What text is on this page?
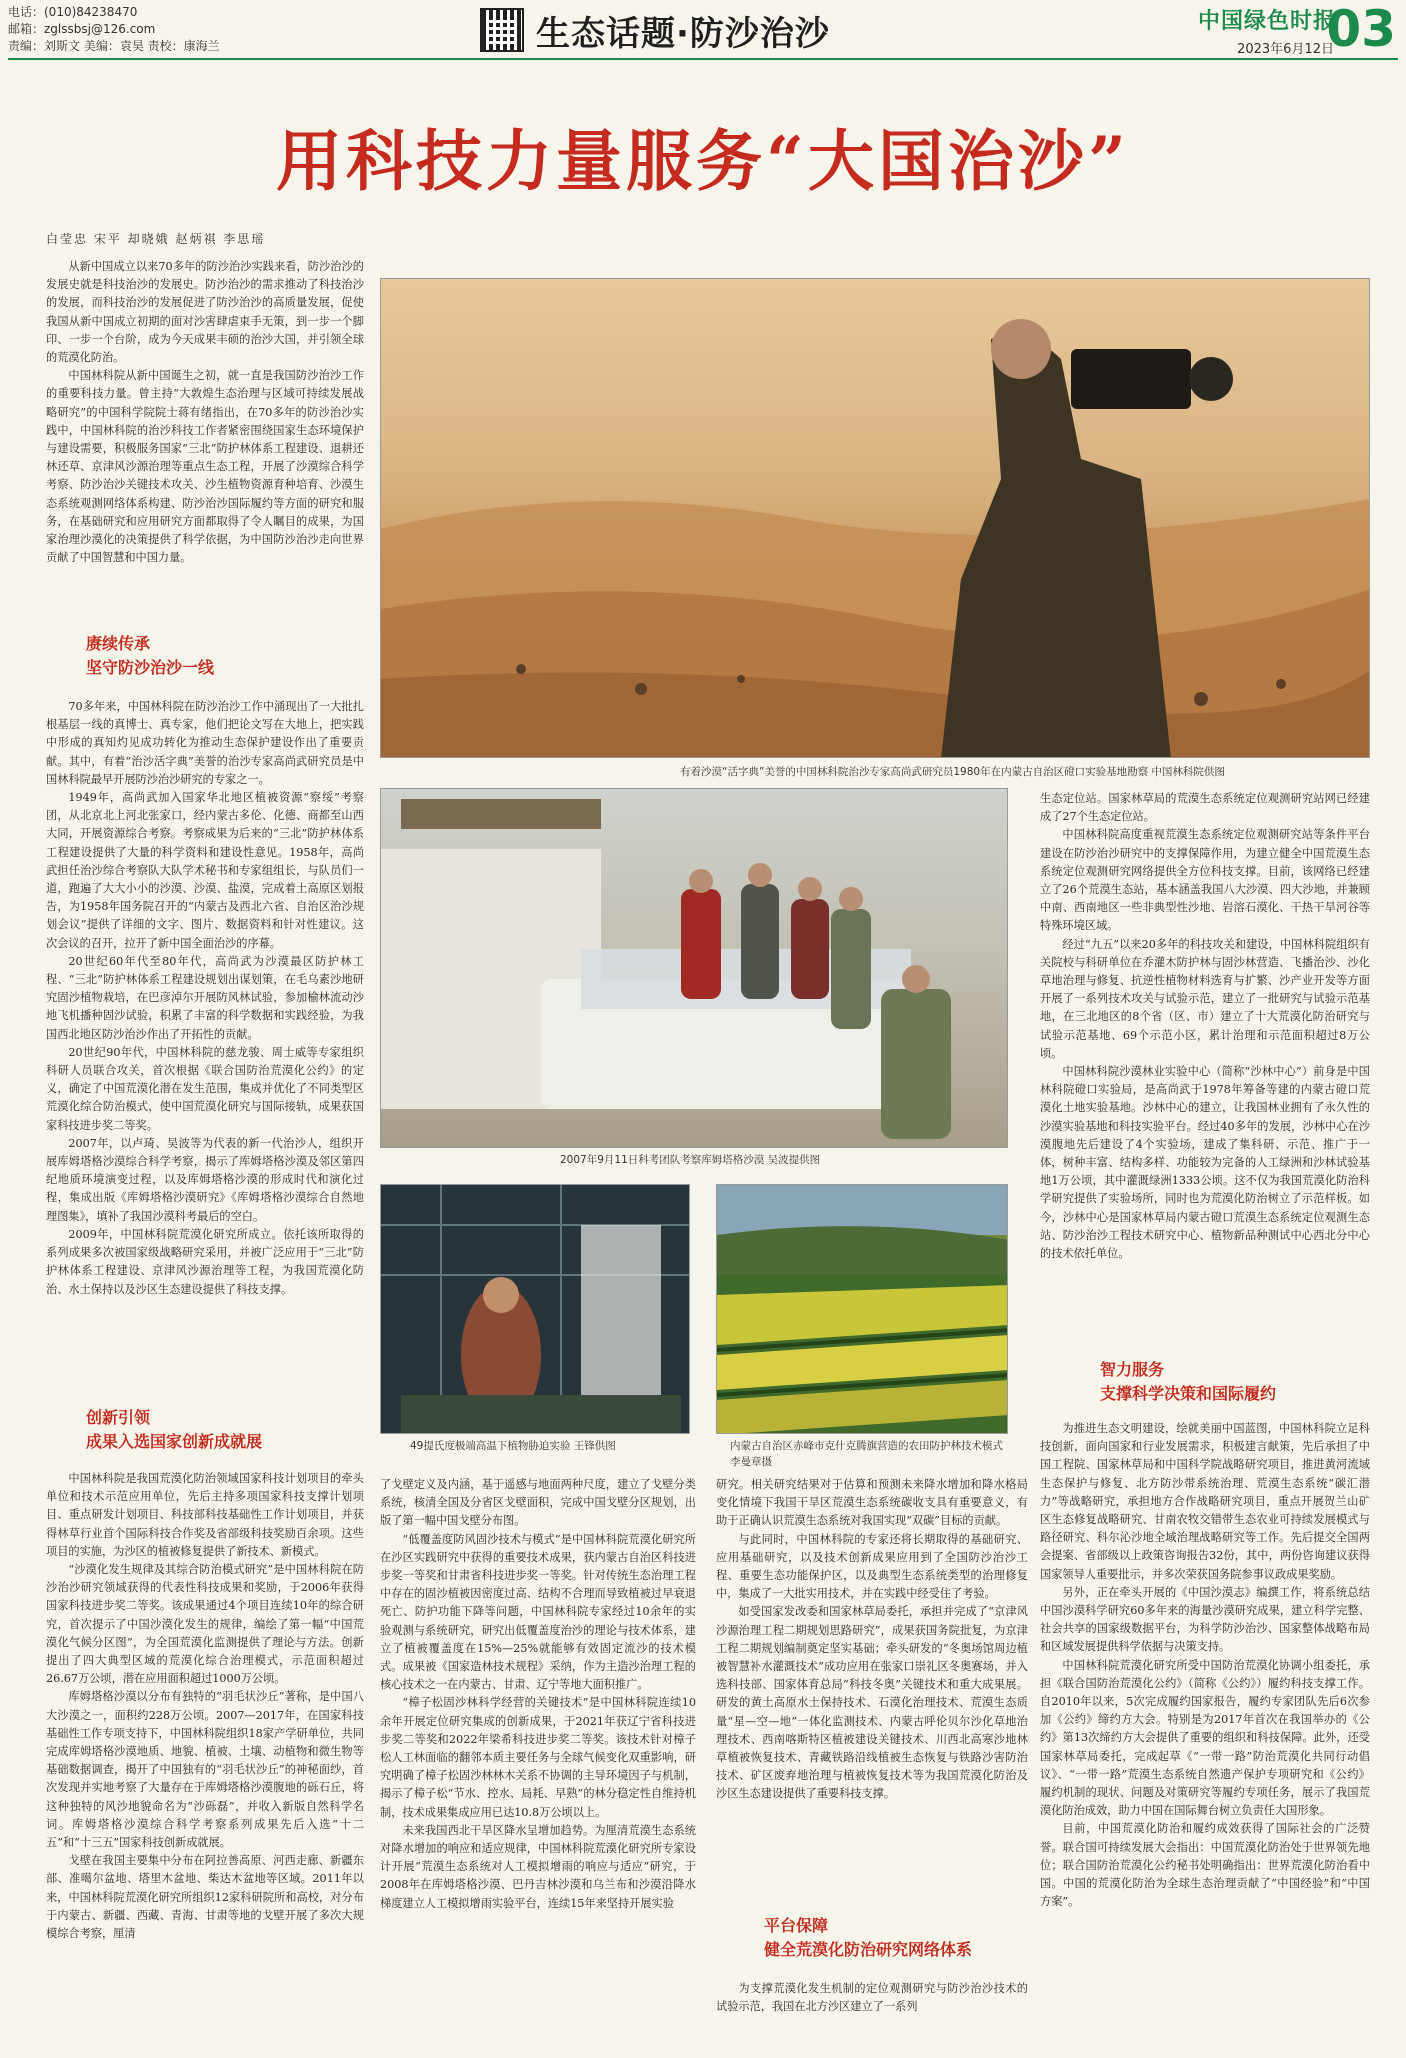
电话：(010)84238470
邮箱：zglssbsj@126.com
责编：刘斯文 美编：袁昊 责校：康海兰	生态话题·防沙治沙	中国绿色时报
2023年6月12日
03
用科技力量服务“大国治沙”
白莹忠 宋平 却晓娥 赵炳祺 李思瑶

从新中国成立以来70多年的防沙治沙实践来看，防沙治沙的发展史就是科技治沙的发展史。防沙治沙的需求推动了科技治沙的发展，而科技治沙的发展促进了防沙治沙的高质量发展，促使我国从新中国成立初期的面对沙害肆虐束手无策，到一步一个脚印、一步一个台阶，成为今天成果丰硕的治沙大国，并引领全球的荒漠化防治。

中国林科院从新中国诞生之初，就一直是我国防沙治沙工作的重要科技力量。曾主持“大敦煌生态治理与区域可持续发展战略研究”的中国科学院院士蒋有绪指出，在70多年的防沙治沙实践中，中国林科院的治沙科技工作者紧密围绕国家生态环境保护与建设需要，积极服务国家“三北”防护林体系工程建设、退耕还林还草、京津风沙源治理等重点生态工程，开展了沙漠综合科学考察、防沙治沙关键技术攻关、沙生植物资源育种培育、沙漠生态系统观测网络体系构建、防沙治沙国际履约等方面的研究和服务，在基础研究和应用研究方面都取得了令人瞩目的成果，为国家治理沙漠化的决策提供了科学依据，为中国防沙治沙走向世界贡献了中国智慧和中国力量。

赓续传承
坚守防沙治沙一线

70多年来，中国林科院在防沙治沙工作中涌现出了一大批扎根基层一线的真博士、真专家，他们把论文写在大地上，把实践中形成的真知灼见成功转化为推动生态保护建设作出了重要贡献。其中，有着“治沙活字典”美誉的治沙专家高尚武研究员是中国林科院最早开展防沙治沙研究的专家之一。

1949年，高尚武加入国家华北地区植被资源“察绥”考察团，从北京北上河北张家口，经内蒙古多伦、化德、商都至山西大同，开展资源综合考察。考察成果为后来的“三北”防护林体系工程建设提供了大量的科学资料和建设性意见。1958年，高尚武担任治沙综合考察队大队学术秘书和专家组组长，与队员们一道，跑遍了大大小小的沙漠、沙漠、盐漠，完成着土高原区划报告，为1958年国务院召开的“内蒙古及西北六省、自治区治沙规划会议”提供了详细的文字、图片、数据资料和针对性建议。这次会议的召开，拉开了新中国全面治沙的序幕。

20世纪60年代至80年代，高尚武为沙漠最区防护林工程、“三北”防护林体系工程建设规划出谋划策，在毛乌素沙地研究固沙植物栽培，在巴彦淖尔开展防风林试验，参加榆林流动沙地飞机播种固沙试验，积累了丰富的科学数据和实践经验，为我国西北地区防沙治沙作出了开拓性的贡献。

20世纪90年代，中国林科院的慈龙骏、周士威等专家组织科研人员联合攻关，首次根据《联合国防治荒漠化公约》的定义，确定了中国荒漠化潜在发生范围，集成并优化了不同类型区荒漠化综合防治模式，使中国荒漠化研究与国际接轨，成果获国家科技进步奖二等奖。

2007年，以卢琦、吴波等为代表的新一代治沙人，组织开展库姆塔格沙漠综合科学考察，揭示了库姆塔格沙漠及邻区第四纪地质环境演变过程，以及库姆塔格沙漠的形成时代和演化过程，集成出版《库姆塔格沙漠研究》《库姆塔格沙漠综合自然地理图集》，填补了我国沙漠科考最后的空白。

2009年，中国林科院荒漠化研究所成立。依托该所取得的系列成果多次被国家级战略研究采用，并被广泛应用于“三北”防护林体系工程建设、京津风沙源治理等工程，为我国荒漠化防治、水土保持以及沙区生态建设提供了科技支撑。

创新引领
成果入选国家创新成就展

中国林科院是我国荒漠化防治领域国家科技计划项目的牵头单位和技术示范应用单位，先后主持多项国家科技支撑计划项目、重点研发计划项目、科技部科技基础性工作计划项目，并获得林草行业首个国际科技合作奖及省部级科技奖励百余项。这些项目的实施，为沙区的植被修复提供了新技术、新模式。

“沙漠化发生规律及其综合防治模式研究”是中国林科院在防沙治沙研究领域获得的代表性科技成果和奖励，于2006年获得国家科技进步奖二等奖。该成果通过4个项目连续10年的综合研究，首次提示了中国沙漠化发生的规律，编绘了第一幅“中国荒漠化气候分区图”，为全国荒漠化监测提供了理论与方法。创新提出了四大典型区域的荒漠化综合治理模式，示范面积超过26.67万公顷，潜在应用面积超过1000万公顷。

库姆塔格沙漠以分布有独特的“羽毛状沙丘”著称，是中国八大沙漠之一，面积约228万公顷。2007—2017年，在国家科技基础性工作专项支持下，中国林科院组织18家产学研单位，共同完成库姆塔格沙漠地质、地貌、植被、土壤、动植物和微生物等基础数据调查，揭开了中国独有的“羽毛状沙丘”的神秘面纱，首次发现并实地考察了大量存在于库姆塔格沙漠腹地的砾石丘，将这种独特的风沙地貌命名为“沙砾磊”，并收入新版自然科学名词。库姆塔格沙漠综合科学考察系列成果先后入选“十二五”和“十三五”国家科技创新成就展。

戈壁在我国主要集中分布在阿拉善高原、河西走廊、新疆东部、准噶尔盆地、塔里木盆地、柴达木盆地等区域。2011年以来，中国林科院荒漠化研究所组织12家科研院所和高校，对分布于内蒙古、新疆、西藏、青海、甘肃等地的戈壁开展了多次大规模综合考察，厘清

有着沙漠“活字典”美誉的中国林科院治沙专家高尚武研究员1980年在内蒙古自治区磴口实验基地勘察 中国林科院供图
2007年9月11日科考团队考察库姆塔格沙漠 吴波提供图
49提氏度极端高温下植物胁迫实验 王锋供图	内蒙古自治区赤峰市克什克腾旗营造的农田防护林技术模式 李曼章摄

了戈壁定义及内涵，基于遥感与地面两种尺度，建立了戈壁分类系统，核清全国及分省区戈壁面积，完成中国戈壁分区规划，出版了第一幅中国戈壁分布图。

“低覆盖度防风固沙技术与模式”是中国林科院荒漠化研究所在沙区实践研究中获得的重要技术成果，获内蒙古自治区科技进步奖一等奖和甘肃省科技进步奖一等奖。针对传统生态治理工程中存在的固沙植被因密度过高、结构不合理而导致植被过早衰退死亡、防护功能下降等问题，中国林科院专家经过10余年的实验观测与系统研究，研究出低覆盖度治沙的理论与技术体系，建立了植被覆盖度在15%—25%就能够有效固定流沙的技术模式。成果被《国家造林技术规程》采纳，作为主造沙治理工程的核心技术之一在内蒙古、甘肃、辽宁等地大面积推广。

“樟子松固沙林科学经营的关键技术”是中国林科院连续10余年开展定位研究集成的创新成果，于2021年获辽宁省科技进步奖二等奖和2022年梁希科技进步奖二等奖。该技术针对樟子松人工林面临的翻邻本质主要任务与全球气候变化双重影响，研究明确了樟子松固沙林林木关系不协调的主导环境因子与机制，揭示了樟子松“节水、控水、局耗、早熟”的林分稳定性自维持机制，技术成果集成应用已达10.8万公顷以上。

未来我国西北干旱区降水呈增加趋势。为厘清荒漠生态系统对降水增加的响应和适应规律，中国林科院荒漠化研究所专家设计开展“荒漠生态系统对人工模拟增雨的响应与适应”研究，于2008年在库姆塔格沙漠、巴丹吉林沙漠和乌兰布和沙漠沿降水梯度建立人工模拟增雨实验平台，连续15年来坚持开展实验

研究。相关研究结果对于估算和预测未来降水增加和降水格局变化情境下我国干旱区荒漠生态系统碳收支具有重要意义，有助于正确认识荒漠生态系统对我国实现“双碳”目标的贡献。

与此同时，中国林科院的专家还将长期取得的基础研究、应用基础研究，以及技术创新成果应用到了全国防沙治沙工程、重要生态功能保护区，以及典型生态系统类型的治理修复中，集成了一大批实用技术，并在实践中经受住了考验。

如受国家发改委和国家林草局委托，承担并完成了“京津风沙源治理工程二期规划思路研究”，成果获国务院批复，为京津工程二期规划编制奠定坚实基础；牵头研发的“冬奥场馆周边植被智慧补水灌溉技术”成功应用在张家口崇礼区冬奥赛场，并入选科技部、国家体育总局“科技冬奥”关键技术和重大成果展。研发的黄土高原水土保持技术、石漠化治理技术、荒漠生态质量“星—空—地”一体化监测技术、内蒙古呼伦贝尔沙化草地治理技术、西南喀斯特区植被建设关键技术、川西北高寒沙地林草植被恢复技术、青藏铁路沿线植被生态恢复与铁路沙害防治技术、矿区废弃地治理与植被恢复技术等为我国荒漠化防治及沙区生态建设提供了重要科技支撑。

平台保障
健全荒漠化防治研究网络体系

为支撑荒漠化发生机制的定位观测研究与防沙治沙技术的试验示范，我国在北方沙区建立了一系列

生态定位站。国家林草局的荒漠生态系统定位观测研究站网已经建成了27个生态定位站。

中国林科院高度重视荒漠生态系统定位观测研究站等条件平台建设在防沙治沙研究中的支撑保障作用，为建立健全中国荒漠生态系统定位观测研究网络提供全方位科技支撑。目前，该网络已经建立了26个荒漠生态站，基本涵盖我国八大沙漠、四大沙地，并兼顾中南、西南地区一些非典型性沙地、岩溶石漠化、干热干旱河谷等特殊环境区域。

经过“九五”以来20多年的科技攻关和建设，中国林科院组织有关院校与科研单位在乔灌木防护林与固沙林营造、飞播治沙、沙化草地治理与修复、抗逆性植物材料选育与扩繁、沙产业开发等方面开展了一系列技术攻关与试验示范，建立了一批研究与试验示范基地，在三北地区的8个省（区、市）建立了十大荒漠化防治研究与试验示范基地、69个示范小区，累计治理和示范面积超过8万公顷。

中国林科院沙漠林业实验中心（简称“沙林中心”）前身是中国林科院磴口实验局，是高尚武于1978年筹备等建的内蒙古磴口荒漠化土地实验基地。沙林中心的建立，让我国林业拥有了永久性的沙漠实验基地和科技实验平台。经过40多年的发展，沙林中心在沙漠腹地先后建设了4个实验场，建成了集科研、示范、推广于一体，树种丰富、结构多样、功能较为完备的人工绿洲和沙林试验基地1万公顷，其中灌溉绿洲1333公顷。这不仅为我国荒漠化防治科学研究提供了实验场所，同时也为荒漠化防治树立了示范样板。如今，沙林中心是国家林草局内蒙古磴口荒漠生态系统定位观测生态站、防沙治沙工程技术研究中心、植物新品种测试中心西北分中心的技术依托单位。

智力服务
支撑科学决策和国际履约

为推进生态文明建设，绘就美丽中国蓝图，中国林科院立足科技创新，面向国家和行业发展需求，积极建言献策，先后承担了中国工程院、国家林草局和中国科学院战略研究项目，推进黄河流域生态保护与修复、北方防沙带系统治理、荒漠生态系统“碳汇潜力”等战略研究，承担地方合作战略研究项目，重点开展贺兰山矿区生态修复战略研究、甘南农牧交错带生态农业可持续发展模式与路径研究、科尔沁沙地全域治理战略研究等工作。先后提交全国两会提案、省部级以上政策咨询报告32份，其中，两份咨询建议获得国家领导人重要批示，并多次荣获国务院参事议政成果奖励。

另外，正在牵头开展的《中国沙漠志》编撰工作，将系统总结中国沙漠科学研究60多年来的海量沙漠研究成果，建立科学完整、社会共享的国家级数据平台，为科学防沙治沙、国家整体战略布局和区域发展提供科学依据与决策支持。

中国林科院荒漠化研究所受中国防治荒漠化协调小组委托，承担《联合国防治荒漠化公约》（简称《公约》）履约科技支撑工作。自2010年以来，5次完成履约国家报告，履约专家团队先后6次参加《公约》缔约方大会。特别是为2017年首次在我国举办的《公约》第13次缔约方大会提供了重要的组织和科技保障。此外，还受国家林草局委托，完成起草《“一带一路”防治荒漠化共同行动倡议》、“一带一路”荒漠生态系统自然遗产保护专项研究和《公约》履约机制的现状、问题及对策研究等履约专项任务，展示了我国荒漠化防治成效，助力中国在国际舞台树立负责任大国形象。

目前，中国荒漠化防治和履约成效获得了国际社会的广泛赞誉。联合国可持续发展大会指出：中国荒漠化防治处于世界领先地位；联合国防治荒漠化公约秘书处明确指出：世界荒漠化防治看中国。中国的荒漠化防治为全球生态治理贡献了“中国经验”和“中国方案”。
